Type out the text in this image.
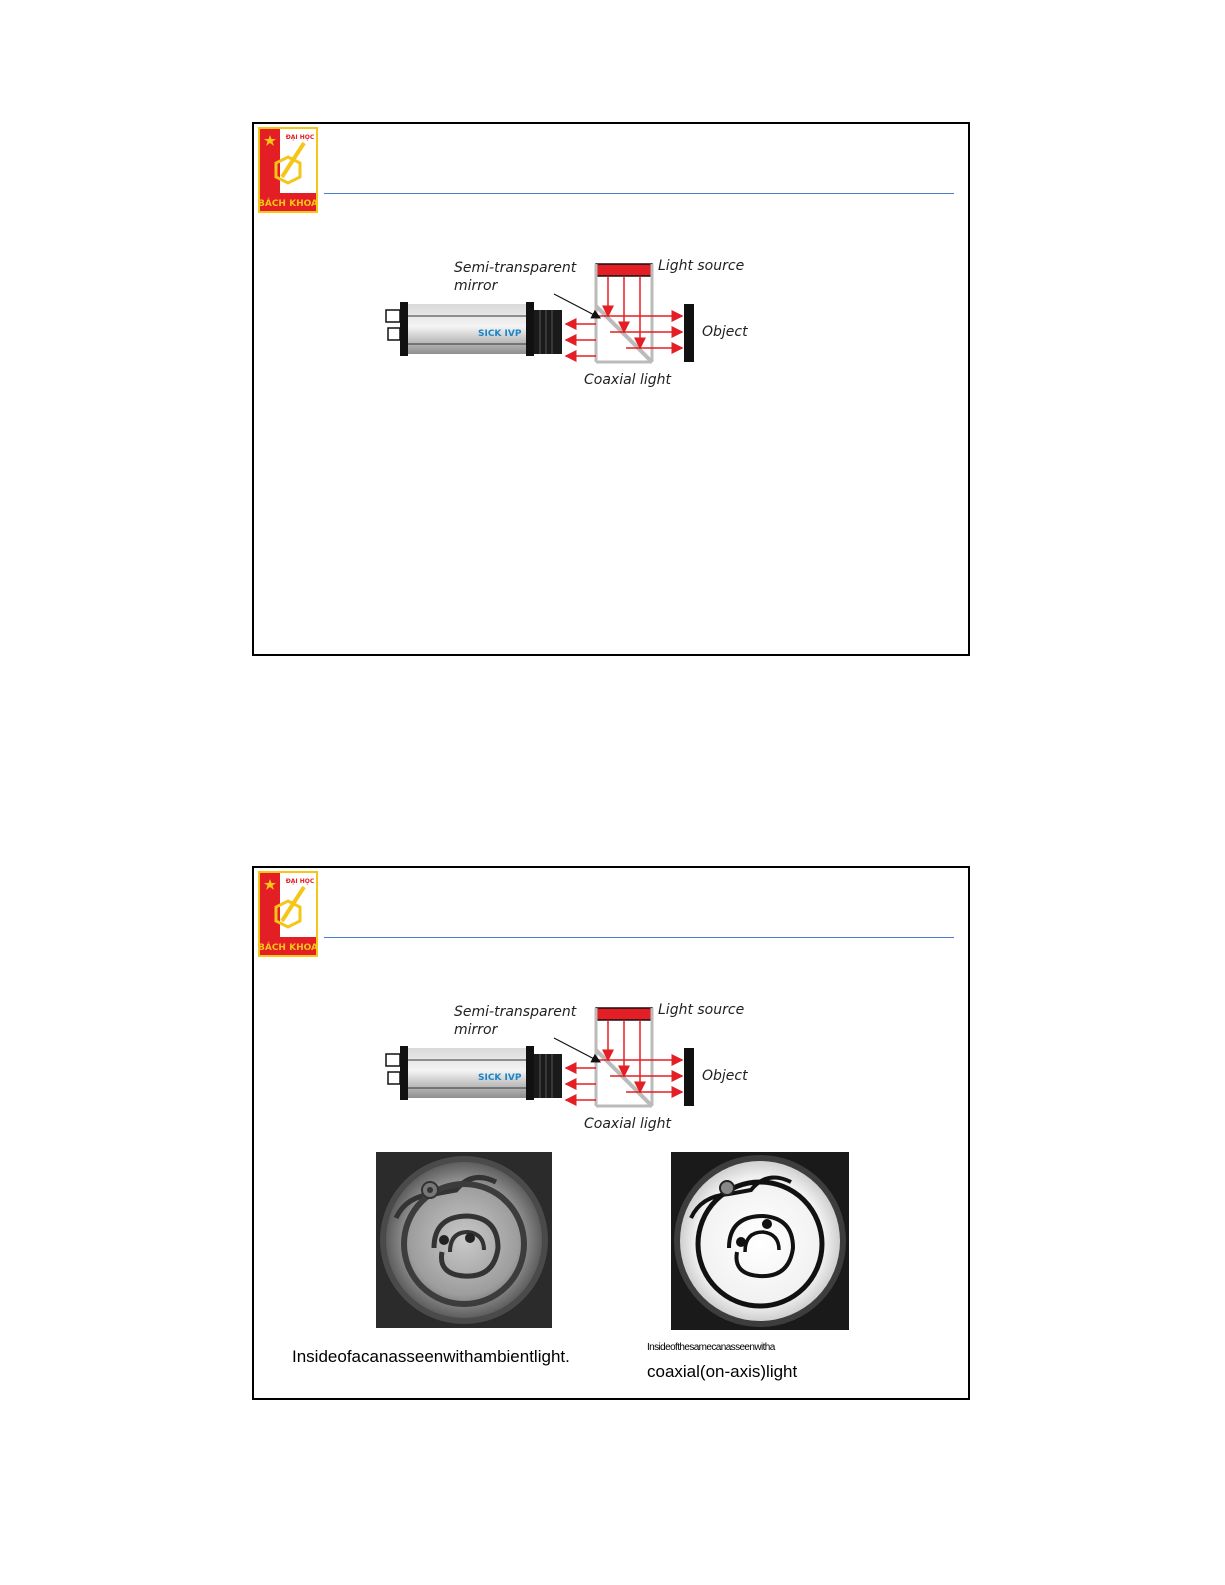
ĐẠI HỌC
BÁCH KHOA
SICK IVP
Semi-transparent
mirror
Light source
Object
Coaxial light
ĐẠI HỌC
BÁCH KHOA
SICK IVP
Semi-transparent
mirror
Light source
Object
Coaxial light
Insideofacanasseenwithambientlight.	Insideofthesamecanasseenwitha
coaxial(on-axis)light
